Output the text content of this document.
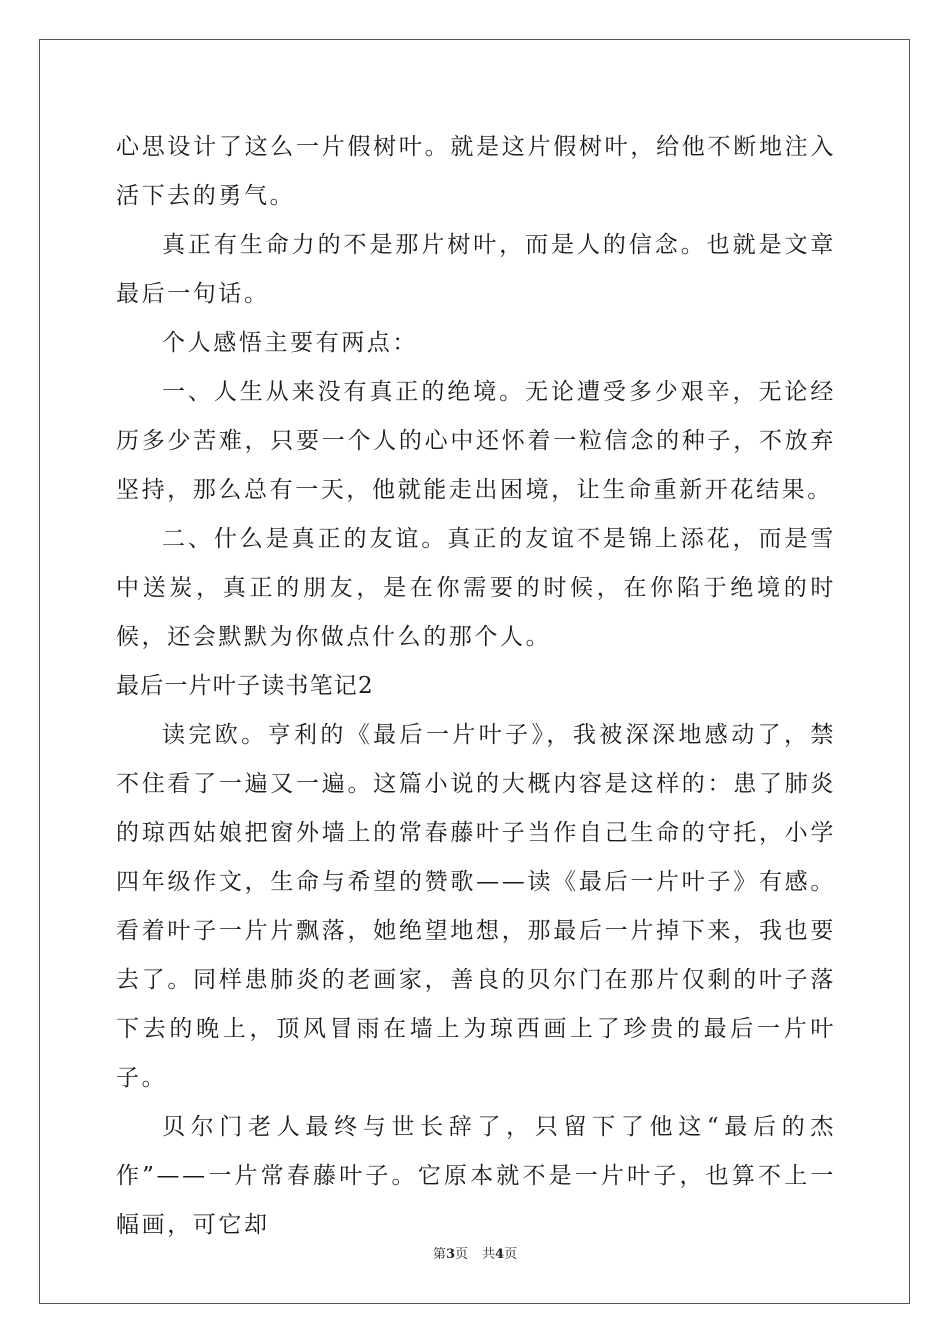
心思设计了这么一片假树叶。就是这片假树叶，给他不断地注入活下去的勇气。

真正有生命力的不是那片树叶，而是人的信念。也就是文章最后一句话。

个人感悟主要有两点：

一、人生从来没有真正的绝境。无论遭受多少艰辛，无论经历多少苦难，只要一个人的心中还怀着一粒信念的种子，不放弃坚持，那么总有一天，他就能走出困境，让生命重新开花结果。

二、什么是真正的友谊。真正的友谊不是锦上添花，而是雪中送炭，真正的朋友，是在你需要的时候，在你陷于绝境的时候，还会默默为你做点什么的那个人。

最后一片叶子读书笔记2

读完欧。亨利的《最后一片叶子》，我被深深地感动了，禁不住看了一遍又一遍。这篇小说的大概内容是这样的：患了肺炎的琼西姑娘把窗外墙上的常春藤叶子当作自己生命的守托，小学四年级作文，生命与希望的赞歌——读《最后一片叶子》有感。看着叶子一片片飘落，她绝望地想，那最后一片掉下来，我也要去了。同样患肺炎的老画家，善良的贝尔门在那片仅剩的叶子落下去的晚上，顶风冒雨在墙上为琼西画上了珍贵的最后一片叶子。

贝尔门老人最终与世长辞了，只留下了他这“最后的杰作”——一片常春藤叶子。它原本就不是一片叶子，也算不上一幅画，可它却

第3页 共4页
